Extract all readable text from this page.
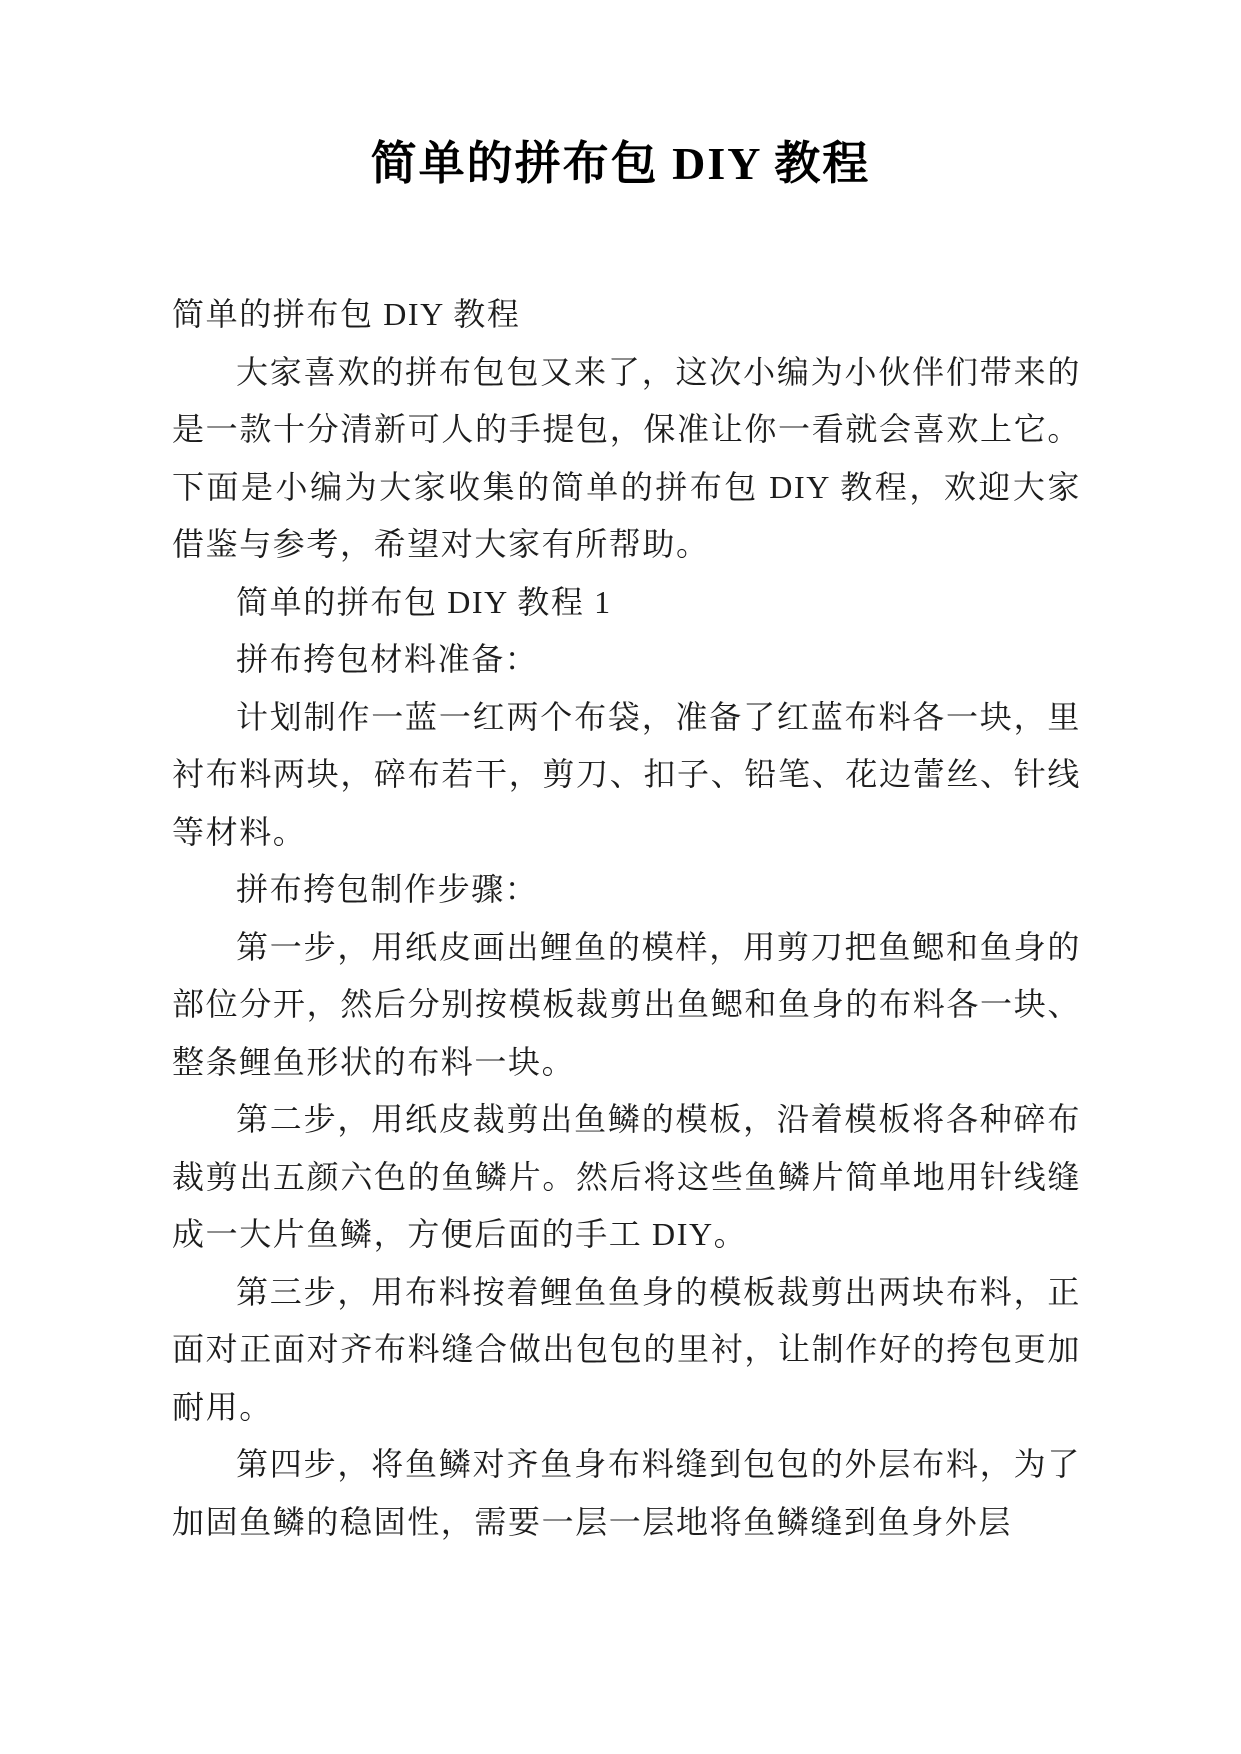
简单的拼布包 DIY 教程

简单的拼布包 DIY 教程

大家喜欢的拼布包包又来了，这次小编为小伙伴们带来的是一款十分清新可人的手提包，保准让你一看就会喜欢上它。下面是小编为大家收集的简单的拼布包 DIY 教程，欢迎大家借鉴与参考，希望对大家有所帮助。

简单的拼布包 DIY 教程 1

拼布挎包材料准备：

计划制作一蓝一红两个布袋，准备了红蓝布料各一块，里衬布料两块，碎布若干，剪刀、扣子、铅笔、花边蕾丝、针线等材料。

拼布挎包制作步骤：

第一步，用纸皮画出鲤鱼的模样，用剪刀把鱼鳃和鱼身的部位分开，然后分别按模板裁剪出鱼鳃和鱼身的布料各一块、整条鲤鱼形状的布料一块。

第二步，用纸皮裁剪出鱼鳞的模板，沿着模板将各种碎布裁剪出五颜六色的鱼鳞片。然后将这些鱼鳞片简单地用针线缝成一大片鱼鳞，方便后面的手工 DIY。

第三步，用布料按着鲤鱼鱼身的模板裁剪出两块布料，正面对正面对齐布料缝合做出包包的里衬，让制作好的挎包更加耐用。

第四步，将鱼鳞对齐鱼身布料缝到包包的外层布料，为了加固鱼鳞的稳固性，需要一层一层地将鱼鳞缝到鱼身外层
